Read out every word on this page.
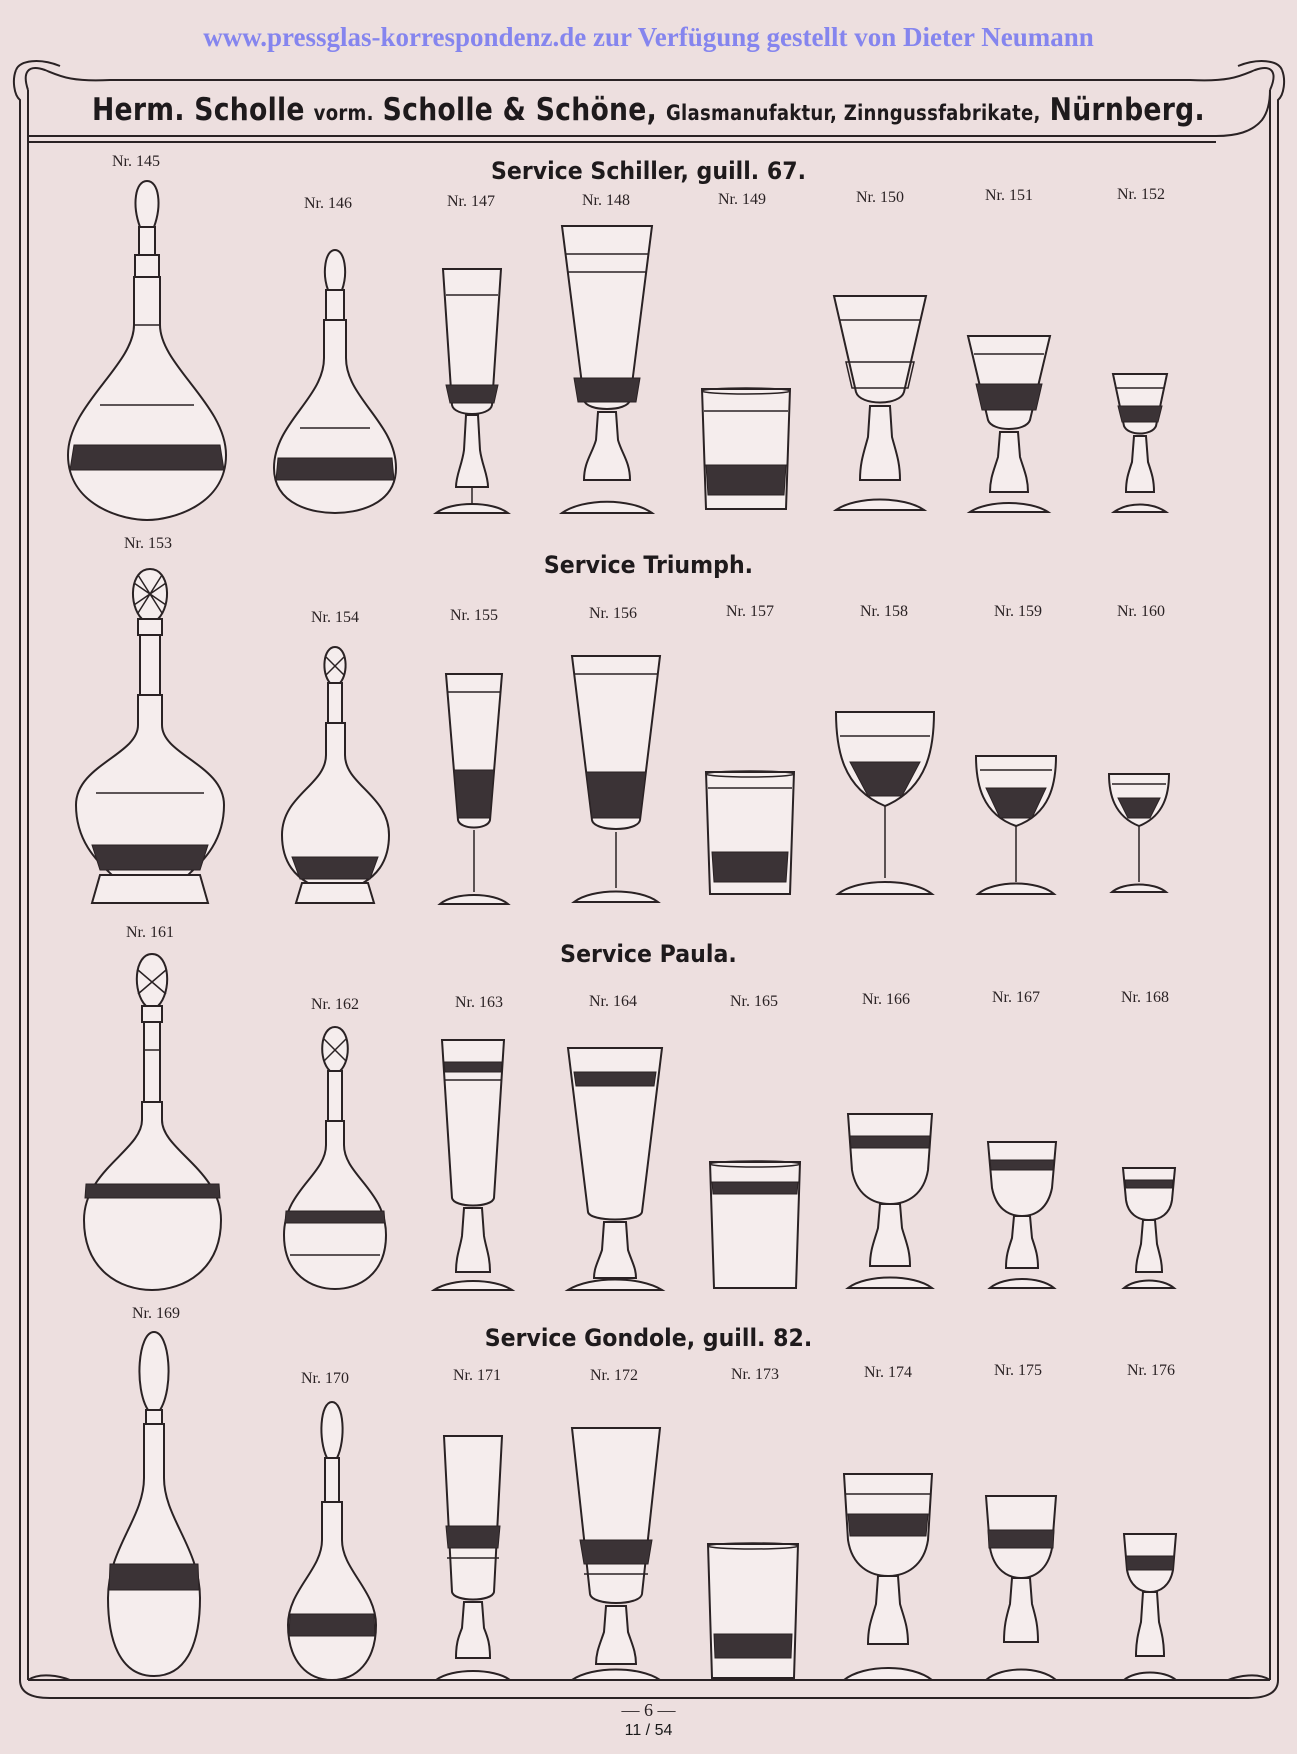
www.pressglas-korrespondenz.de zur Verfügung gestellt von Dieter Neumann
Herm. Scholle vorm. Scholle & Schöne, Glasmanufaktur, Zinngussfabrikate, Nürnberg.
Service Schiller, guill. 67.
Service Triumph.
Service Paula.
Service Gondole, guill. 82.
Nr. 145
Nr. 146	Nr. 147	Nr. 148	Nr. 149	Nr. 150	Nr. 151	Nr. 152
Nr. 153
Nr. 154	Nr. 155	Nr. 156	Nr. 157	Nr. 158	Nr. 159	Nr. 160
Nr. 161
Nr. 162	Nr. 163	Nr. 164	Nr. 165	Nr. 166	Nr. 167	Nr. 168
Nr. 169
Nr. 170	Nr. 171	Nr. 172	Nr. 173	Nr. 174	Nr. 175	Nr. 176
— 6 —
11 / 54
